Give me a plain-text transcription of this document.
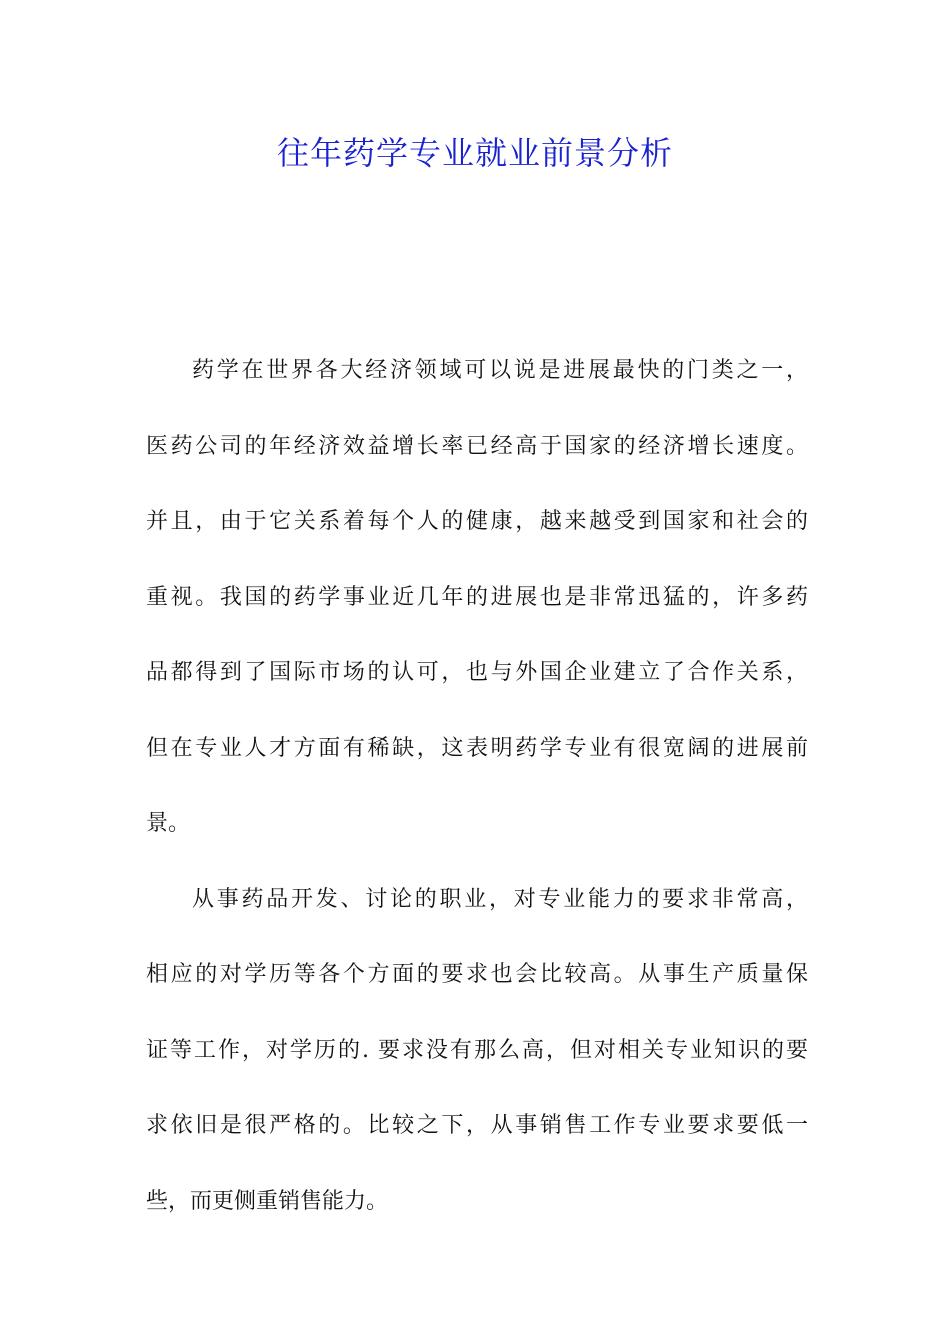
往年药学专业就业前景分析

药学在世界各大经济领域可以说是进展最快的门类之一，
医药公司的年经济效益增长率已经高于国家的经济增长速度。
并且，由于它关系着每个人的健康，越来越受到国家和社会的
重视。我国的药学事业近几年的进展也是非常迅猛的，许多药
品都得到了国际市场的认可，也与外国企业建立了合作关系，
但在专业人才方面有稀缺，这表明药学专业有很宽阔的进展前
景。

从事药品开发、讨论的职业，对专业能力的要求非常高，
相应的对学历等各个方面的要求也会比较高。从事生产质量保
证等工作，对学历的. 要求没有那么高，但对相关专业知识的要
求依旧是很严格的。比较之下，从事销售工作专业要求要低一
些，而更侧重销售能力。
